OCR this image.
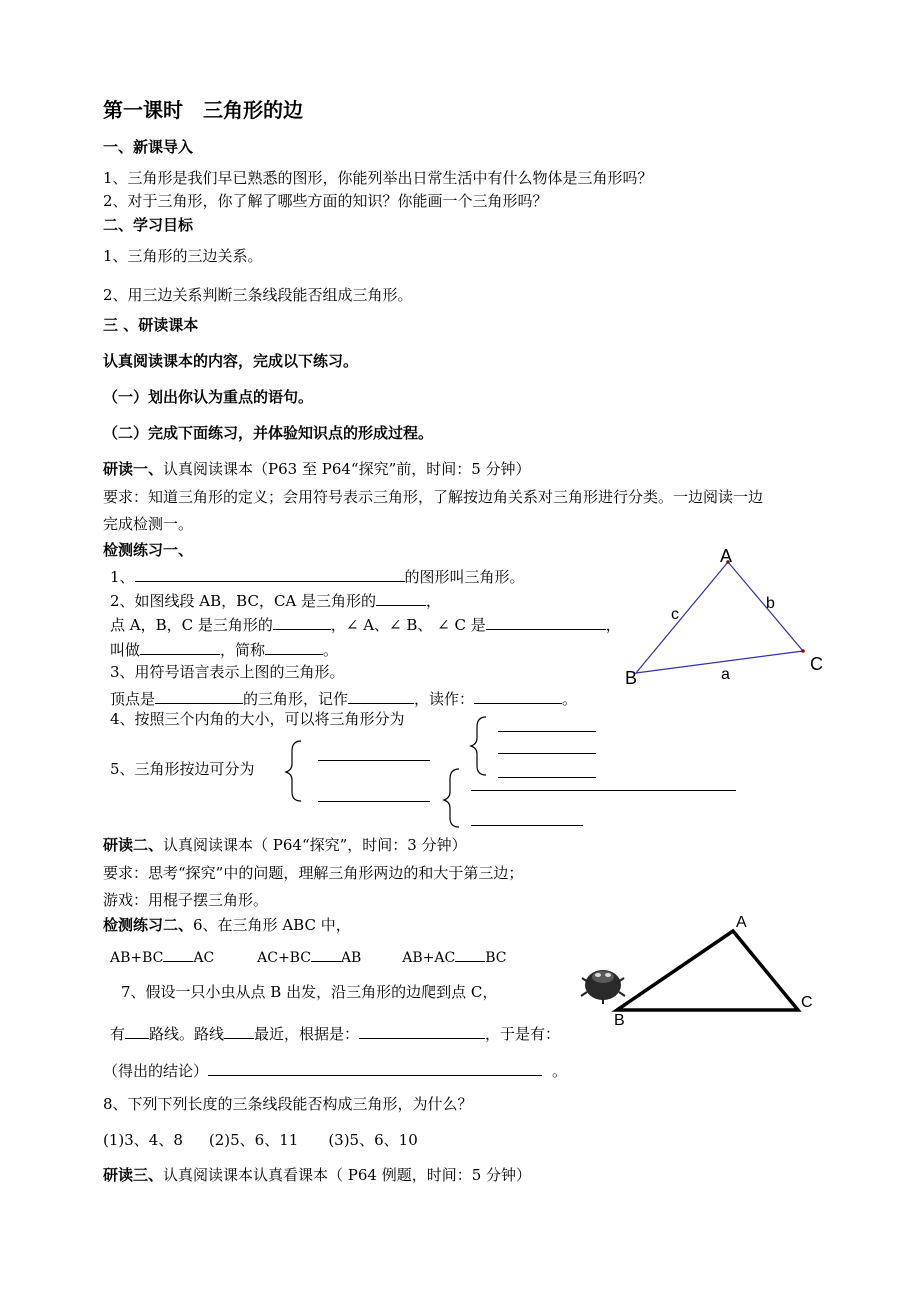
第一课时　三角形的边
一、新课导入
1、三角形是我们早已熟悉的图形，你能列举出日常生活中有什么物体是三角形吗？
2、对于三角形，你了解了哪些方面的知识？你能画一个三角形吗？
二、学习目标
1、三角形的三边关系。
2、用三边关系判断三条线段能否组成三角形。
三 、研读课本
认真阅读课本的内容，完成以下练习。
（一）划出你认为重点的语句。
（二）完成下面练习，并体验知识点的形成过程。
研读一、认真阅读课本（P63 至 P64“探究”前，时间：5 分钟）
要求：知道三角形的定义；会用符号表示三角形，了解按边角关系对三角形进行分类。一边阅读一边
完成检测一。
检测练习一、
1、	的图形叫三角形。
2、如图线段 AB，BC，CA 是三角形的	，
点 A，B，C 是三角形的	，∠ A、∠ B、 ∠ C 是	，
叫做	，简称	。
3、用符号语言表示上图的三角形。
顶点是	的三角形，记作	，读作：	。
4、按照三个内角的大小，可以将三角形分为
5、三角形按边可分为
A
B
C
a
b
c
研读二、认真阅读课本（ P64“探究”，时间：3 分钟）
要求：思考“探究”中的问题，理解三角形两边的和大于第三边；
游戏：用棍子摆三角形。
检测练习二、6、在三角形 ABC 中，
AB+BC AC	AC+BC AB	AB+AC BC
7、假设一只小虫从点 B 出发，沿三角形的边爬到点 C，
有 路线。路线 最近，根据是：	，于是有：
（得出的结论）	。
A
B
C
8、下列下列长度的三条线段能否构成三角形，为什么？
(1)3、4、8 (2)5、6、11 (3)5、6、10
研读三、认真阅读课本认真看课本（ P64 例题，时间：5 分钟）
